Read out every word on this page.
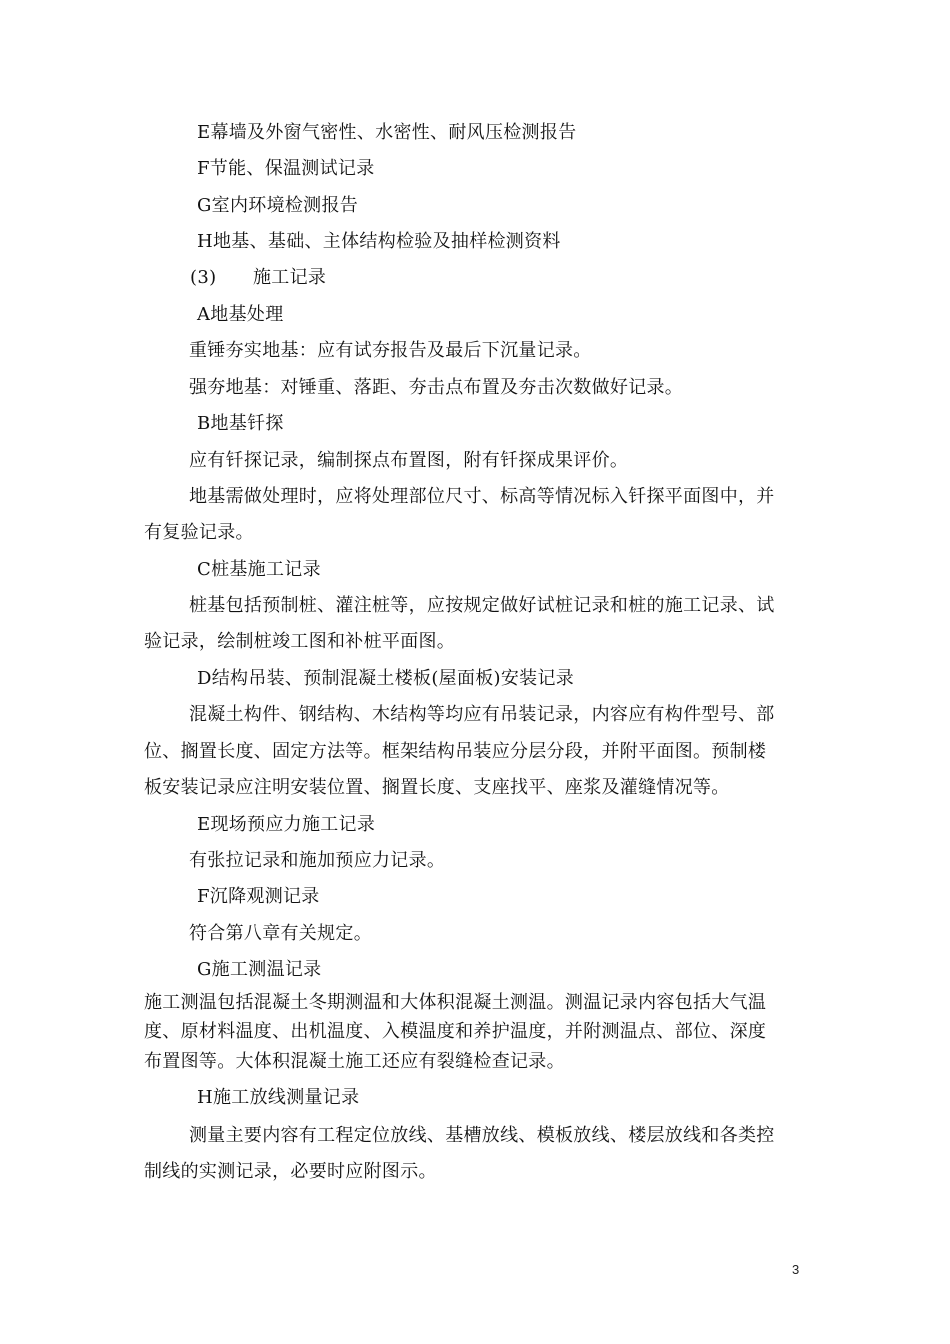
E幕墙及外窗气密性、水密性、耐风压检测报告
F节能、保温测试记录
G室内环境检测报告
H地基、基础、主体结构检验及抽样检测资料
(3)　　施工记录
A地基处理
重锤夯实地基：应有试夯报告及最后下沉量记录。
强夯地基：对锤重、落距、夯击点布置及夯击次数做好记录。
B地基钎探
应有钎探记录，编制探点布置图，附有钎探成果评价。
地基需做处理时，应将处理部位尺寸、标高等情况标入钎探平面图中，并
有复验记录。
C桩基施工记录
桩基包括预制桩、灌注桩等，应按规定做好试桩记录和桩的施工记录、试
验记录，绘制桩竣工图和补桩平面图。
D结构吊装、预制混凝土楼板(屋面板)安装记录
混凝土构件、钢结构、木结构等均应有吊装记录，内容应有构件型号、部
位、搁置长度、固定方法等。框架结构吊装应分层分段，并附平面图。预制楼
板安装记录应注明安装位置、搁置长度、支座找平、座浆及灌缝情况等。
E现场预应力施工记录
有张拉记录和施加预应力记录。
F沉降观测记录
符合第八章有关规定。
G施工测温记录
施工测温包括混凝土冬期测温和大体积混凝土测温。测温记录内容包括大气温
度、原材料温度、出机温度、入模温度和养护温度，并附测温点、部位、深度
布置图等。大体积混凝土施工还应有裂缝检查记录。
H施工放线测量记录
测量主要内容有工程定位放线、基槽放线、模板放线、楼层放线和各类控
制线的实测记录，必要时应附图示。
3
